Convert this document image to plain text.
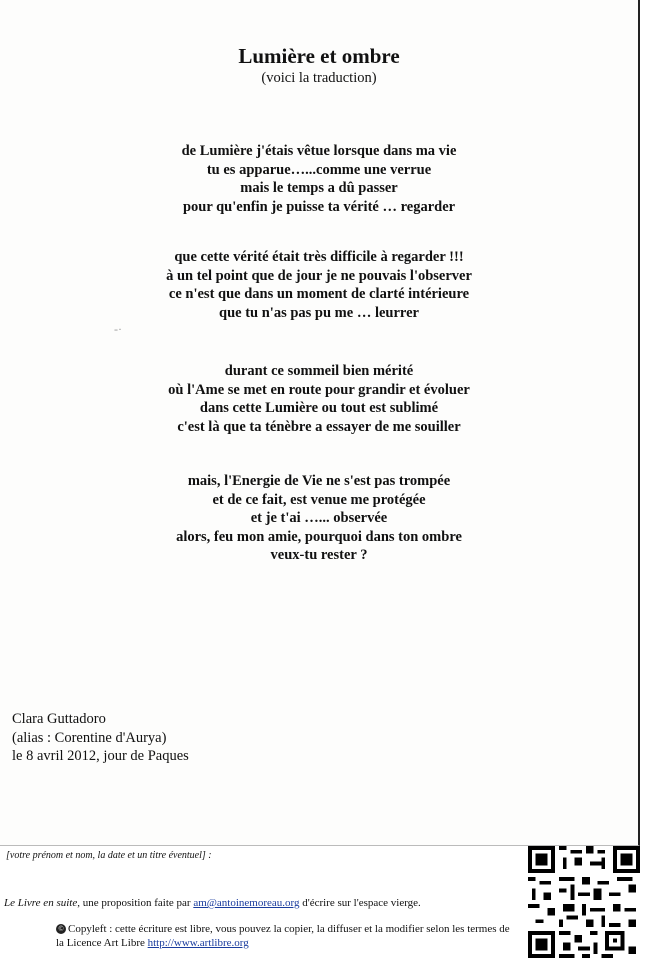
Lumière et ombre
(voici la traduction)
de Lumière j'étais vêtue lorsque dans ma vie
tu es apparue…...comme une verrue
mais le temps a dû passer
pour qu'enfin je puisse ta vérité … regarder
que cette vérité était très difficile à regarder !!!
à un tel point que de jour je ne pouvais l'observer
ce n'est que dans un moment de clarté intérieure
que tu n'as pas pu me … leurrer
-·
durant ce sommeil bien mérité
où l'Ame se met en route pour grandir et évoluer
dans cette Lumière ou tout est sublimé
c'est là que ta ténèbre a essayer de me souiller
mais, l'Energie de Vie ne s'est pas trompée
et de ce fait, est venue me protégée
et je t'ai …... observée
alors, feu mon amie, pourquoi dans ton ombre
veux-tu rester ?
Clara Guttadoro
(alias : Corentine d'Aurya)
le 8 avril 2012, jour de Paques
[votre prénom et nom, la date et un titre éventuel] :
Le Livre en suite, une proposition faite par am@antoinemoreau.org d'écrire sur l'espace vierge.
© Copyleft : cette écriture est libre, vous pouvez la copier, la diffuser et la modifier selon les termes de la Licence Art Libre http://www.artlibre.org
